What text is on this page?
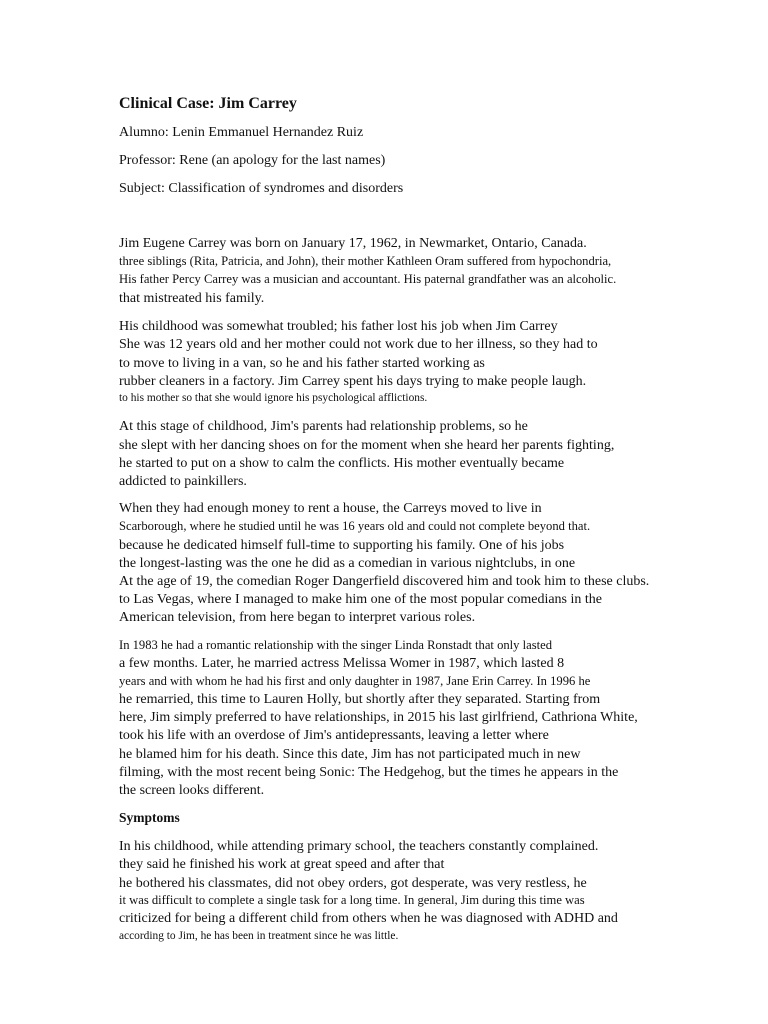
Clinical Case: Jim Carrey

Alumno: Lenin Emmanuel Hernandez Ruiz

Professor: Rene (an apology for the last names)

Subject: Classification of syndromes and disorders

Jim Eugene Carrey was born on January 17, 1962, in Newmarket, Ontario, Canada.

three siblings (Rita, Patricia, and John), their mother Kathleen Oram suffered from hypochondria,

His father Percy Carrey was a musician and accountant. His paternal grandfather was an alcoholic.

that mistreated his family.

His childhood was somewhat troubled; his father lost his job when Jim Carrey

She was 12 years old and her mother could not work due to her illness, so they had to

to move to living in a van, so he and his father started working as

rubber cleaners in a factory. Jim Carrey spent his days trying to make people laugh.

to his mother so that she would ignore his psychological afflictions.

At this stage of childhood, Jim's parents had relationship problems, so he

she slept with her dancing shoes on for the moment when she heard her parents fighting,

he started to put on a show to calm the conflicts. His mother eventually became

addicted to painkillers.

When they had enough money to rent a house, the Carreys moved to live in

Scarborough, where he studied until he was 16 years old and could not complete beyond that.

because he dedicated himself full-time to supporting his family. One of his jobs

the longest-lasting was the one he did as a comedian in various nightclubs, in one

At the age of 19, the comedian Roger Dangerfield discovered him and took him to these clubs.

to Las Vegas, where I managed to make him one of the most popular comedians in the

American television, from here began to interpret various roles.

In 1983 he had a romantic relationship with the singer Linda Ronstadt that only lasted

a few months. Later, he married actress Melissa Womer in 1987, which lasted 8

years and with whom he had his first and only daughter in 1987, Jane Erin Carrey. In 1996 he

he remarried, this time to Lauren Holly, but shortly after they separated. Starting from

here, Jim simply preferred to have relationships, in 2015 his last girlfriend, Cathriona White,

took his life with an overdose of Jim's antidepressants, leaving a letter where

he blamed him for his death. Since this date, Jim has not participated much in new

filming, with the most recent being Sonic: The Hedgehog, but the times he appears in the

the screen looks different.

Symptoms

In his childhood, while attending primary school, the teachers constantly complained.

they said he finished his work at great speed and after that

he bothered his classmates, did not obey orders, got desperate, was very restless, he

it was difficult to complete a single task for a long time. In general, Jim during this time was

criticized for being a different child from others when he was diagnosed with ADHD and

according to Jim, he has been in treatment since he was little.
